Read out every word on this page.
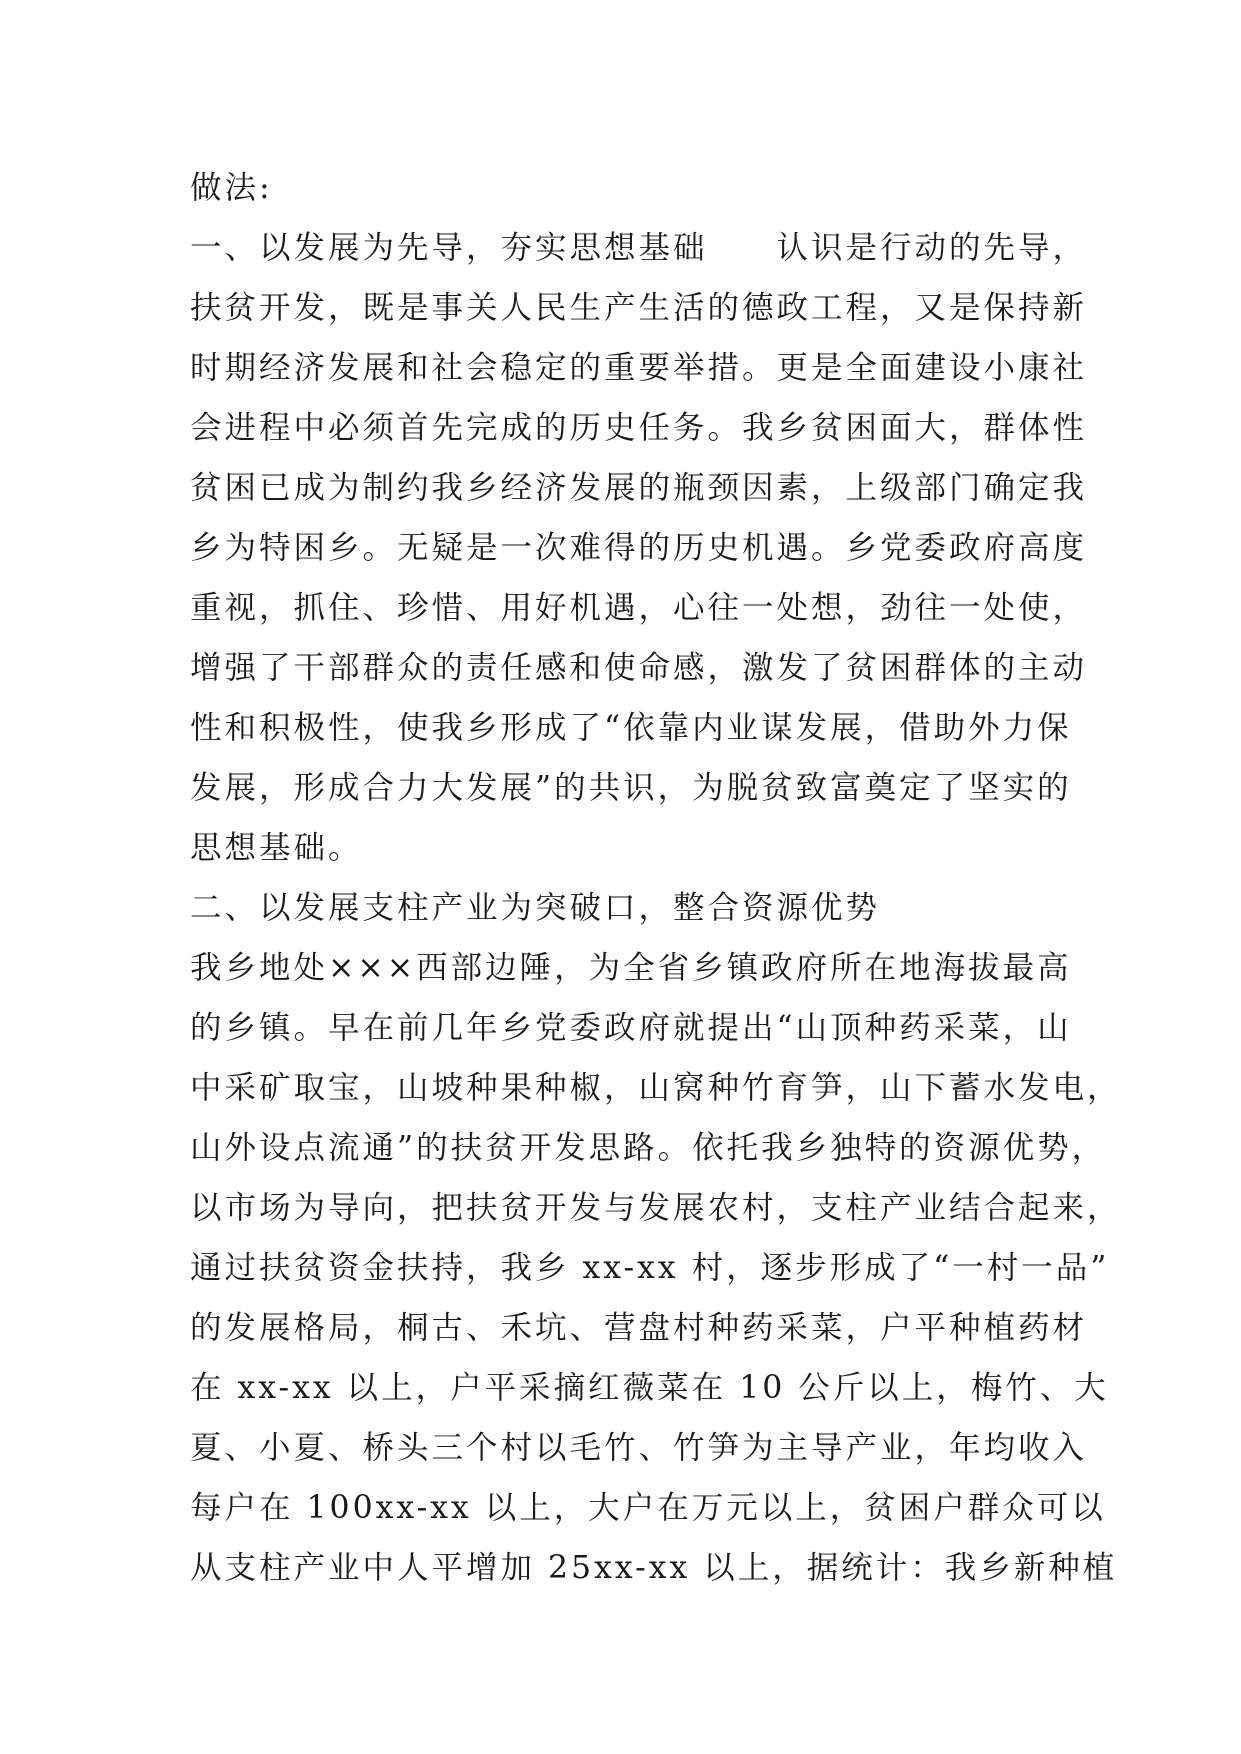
做法:
一、以发展为先导，夯实思想基础　　认识是行动的先导，
扶贫开发，既是事关人民生产生活的德政工程，又是保持新
时期经济发展和社会稳定的重要举措。更是全面建设小康社
会进程中必须首先完成的历史任务。我乡贫困面大，群体性
贫困已成为制约我乡经济发展的瓶颈因素，上级部门确定我
乡为特困乡。无疑是一次难得的历史机遇。乡党委政府高度
重视，抓住、珍惜、用好机遇，心往一处想，劲往一处使，
增强了干部群众的责任感和使命感，激发了贫困群体的主动
性和积极性，使我乡形成了“依靠内业谋发展，借助外力保
发展，形成合力大发展”的共识，为脱贫致富奠定了坚实的
思想基础。
二、以发展支柱产业为突破口，整合资源优势
我乡地处×××西部边陲，为全省乡镇政府所在地海拔最高
的乡镇。早在前几年乡党委政府就提出“山顶种药采菜，山
中采矿取宝，山坡种果种椒，山窝种竹育笋，山下蓄水发电，
山外设点流通”的扶贫开发思路。依托我乡独特的资源优势，
以市场为导向，把扶贫开发与发展农村，支柱产业结合起来，
通过扶贫资金扶持，我乡 xx-xx 村，逐步形成了“一村一品”
的发展格局，桐古、禾坑、营盘村种药采菜，户平种植药材
在 xx-xx 以上，户平采摘红薇菜在 10 公斤以上，梅竹、大
夏、小夏、桥头三个村以毛竹、竹笋为主导产业，年均收入
每户在 100xx-xx 以上，大户在万元以上，贫困户群众可以
从支柱产业中人平增加 25xx-xx 以上，据统计：我乡新种植
